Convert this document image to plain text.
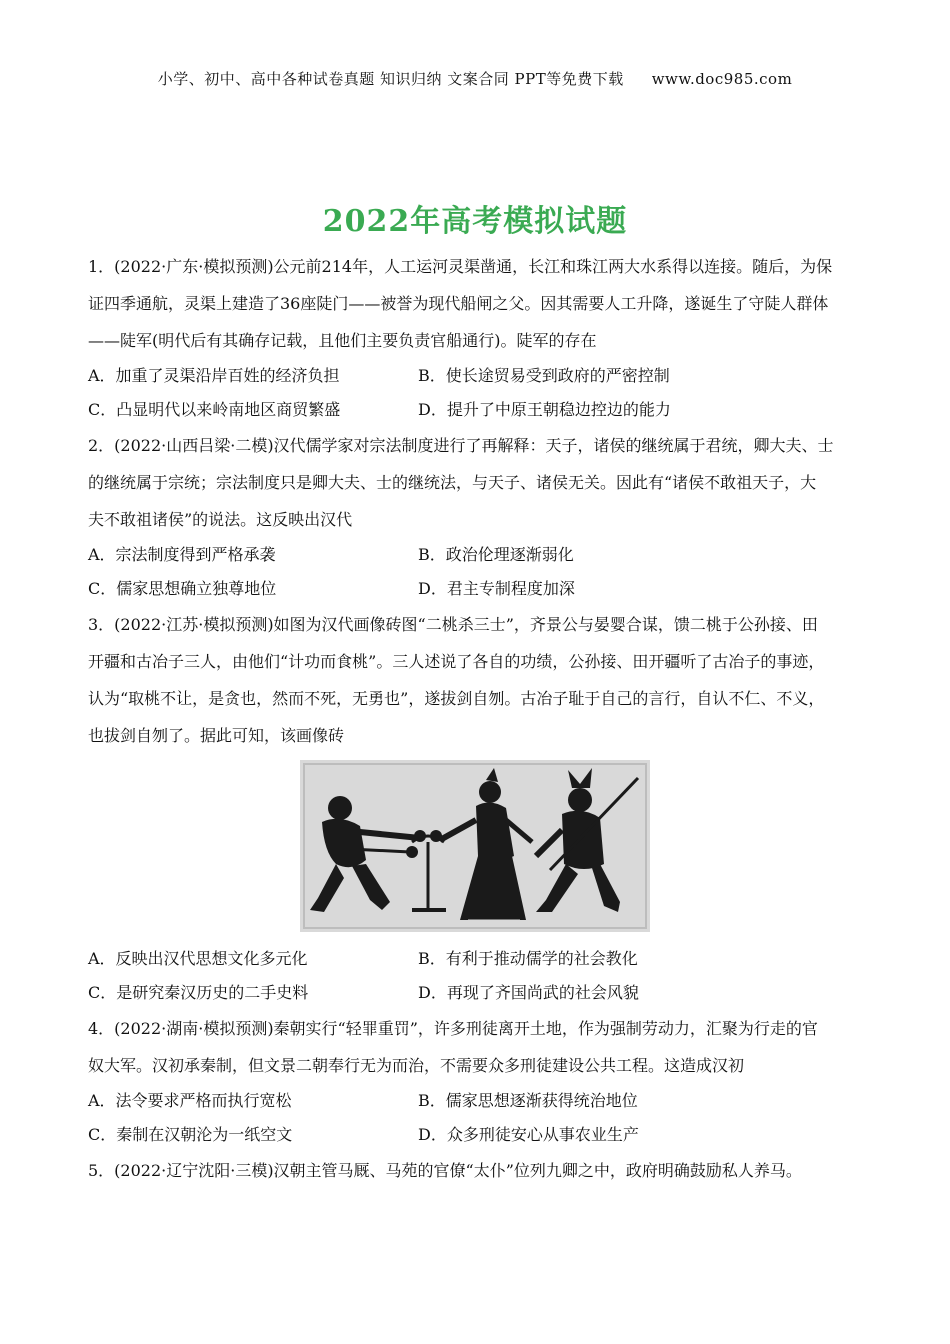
小学、初中、高中各种试卷真题 知识归纳 文案合同 PPT等免费下载 www.doc985.com
2022年高考模拟试题

1．(2022·广东·模拟预测)公元前214年，人工运河灵渠凿通，长江和珠江两大水系得以连接。随后，为保

证四季通航，灵渠上建造了36座陡门——被誉为现代船闸之父。因其需要人工升降，遂诞生了守陡人群体

——陡军(明代后有其确存记载，且他们主要负责官船通行)。陡军的存在

A．加重了灵渠沿岸百姓的经济负担	B．使长途贸易受到政府的严密控制
C．凸显明代以来岭南地区商贸繁盛	D．提升了中原王朝稳边控边的能力

2．(2022·山西吕梁·二模)汉代儒学家对宗法制度进行了再解释：天子，诸侯的继统属于君统，卿大夫、士

的继统属于宗统；宗法制度只是卿大夫、士的继统法，与天子、诸侯无关。因此有“诸侯不敢祖天子，大

夫不敢祖诸侯”的说法。这反映出汉代

A．宗法制度得到严格承袭	B．政治伦理逐渐弱化
C．儒家思想确立独尊地位	D．君主专制程度加深

3．(2022·江苏·模拟预测)如图为汉代画像砖图“二桃杀三士”，齐景公与晏婴合谋，馈二桃于公孙接、田

开疆和古冶子三人，由他们“计功而食桃”。三人述说了各自的功绩，公孙接、田开疆听了古冶子的事迹，

认为“取桃不让，是贪也，然而不死，无勇也”，遂拔剑自刎。古冶子耻于自己的言行，自认不仁、不义，

也拔剑自刎了。据此可知，该画像砖

A．反映出汉代思想文化多元化	B．有利于推动儒学的社会教化
C．是研究秦汉历史的二手史料	D．再现了齐国尚武的社会风貌

4．(2022·湖南·模拟预测)秦朝实行“轻罪重罚”，许多刑徒离开土地，作为强制劳动力，汇聚为行走的官

奴大军。汉初承秦制，但文景二朝奉行无为而治，不需要众多刑徒建设公共工程。这造成汉初

A．法令要求严格而执行宽松	B．儒家思想逐渐获得统治地位
C．秦制在汉朝沦为一纸空文	D．众多刑徒安心从事农业生产

5．(2022·辽宁沈阳·三模)汉朝主管马厩、马苑的官僚“太仆”位列九卿之中，政府明确鼓励私人养马。
